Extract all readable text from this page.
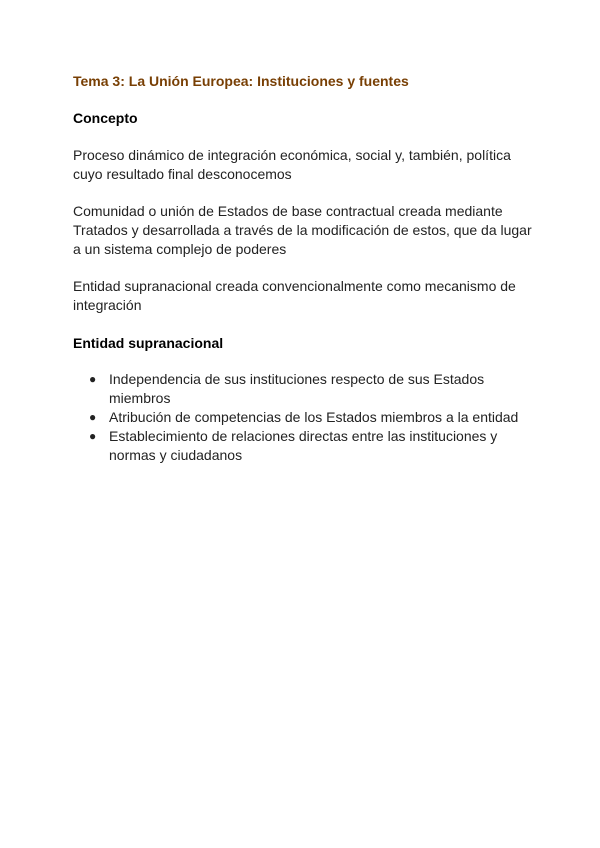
Tema 3: La Unión Europea: Instituciones y fuentes
Concepto

Proceso dinámico de integración económica, social y, también, política cuyo resultado final desconocemos

Comunidad o unión de Estados de base contractual creada mediante Tratados y desarrollada a través de la modificación de estos, que da lugar a un sistema complejo de poderes

Entidad supranacional creada convencionalmente como mecanismo de integración

Entidad supranacional
● Independencia de sus instituciones respecto de sus Estados miembros
● Atribución de competencias de los Estados miembros a la entidad
● Establecimiento de relaciones directas entre las instituciones y normas y ciudadanos
